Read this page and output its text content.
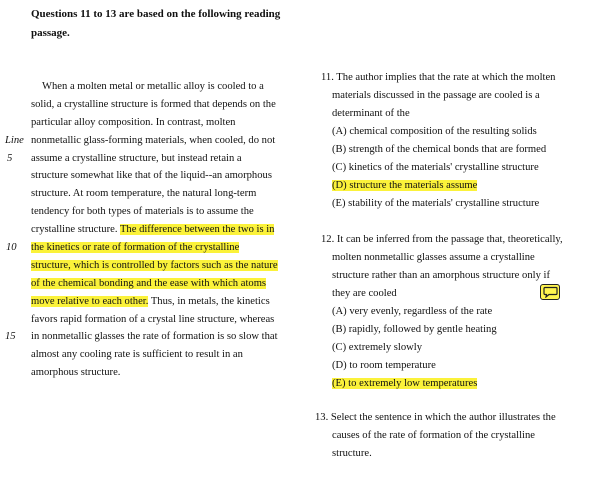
Questions 11 to 13 are based on the following reading
passage.
When a molten metal or metallic alloy is cooled to a
solid, a crystalline structure is formed that depends on the
particular alloy composition. In contrast, molten
Line nonmetallic glass-forming materials, when cooled, do not
5 assume a crystalline structure, but instead retain a
structure somewhat like that of the liquid--an amorphous
structure. At room temperature, the natural long-term
tendency for both types of materials is to assume the
crystalline structure. The difference between the two is in
10 the kinetics or rate of formation of the crystalline
structure, which is controlled by factors such as the nature
of the chemical bonding and the ease with which atoms
move relative to each other. Thus, in metals, the kinetics
favors rapid formation of a crystal line structure, whereas
15 in nonmetallic glasses the rate of formation is so slow that
almost any cooling rate is sufficient to result in an
amorphous structure.
11. The author implies that the rate at which the molten
materials discussed in the passage are cooled is a
determinant of the
(A) chemical composition of the resulting solids
(B) strength of the chemical bonds that are formed
(C) kinetics of the materials' crystalline structure
(D) structure the materials assume
(E) stability of the materials' crystalline structure
12. It can be inferred from the passage that, theoretically,
molten nonmetallic glasses assume a crystalline
structure rather than an amorphous structure only if
they are cooled
(A) very evenly, regardless of the rate
(B) rapidly, followed by gentle heating
(C) extremely slowly
(D) to room temperature
(E) to extremely low temperatures
13. Select the sentence in which the author illustrates the
causes of the rate of formation of the crystalline
structure.
